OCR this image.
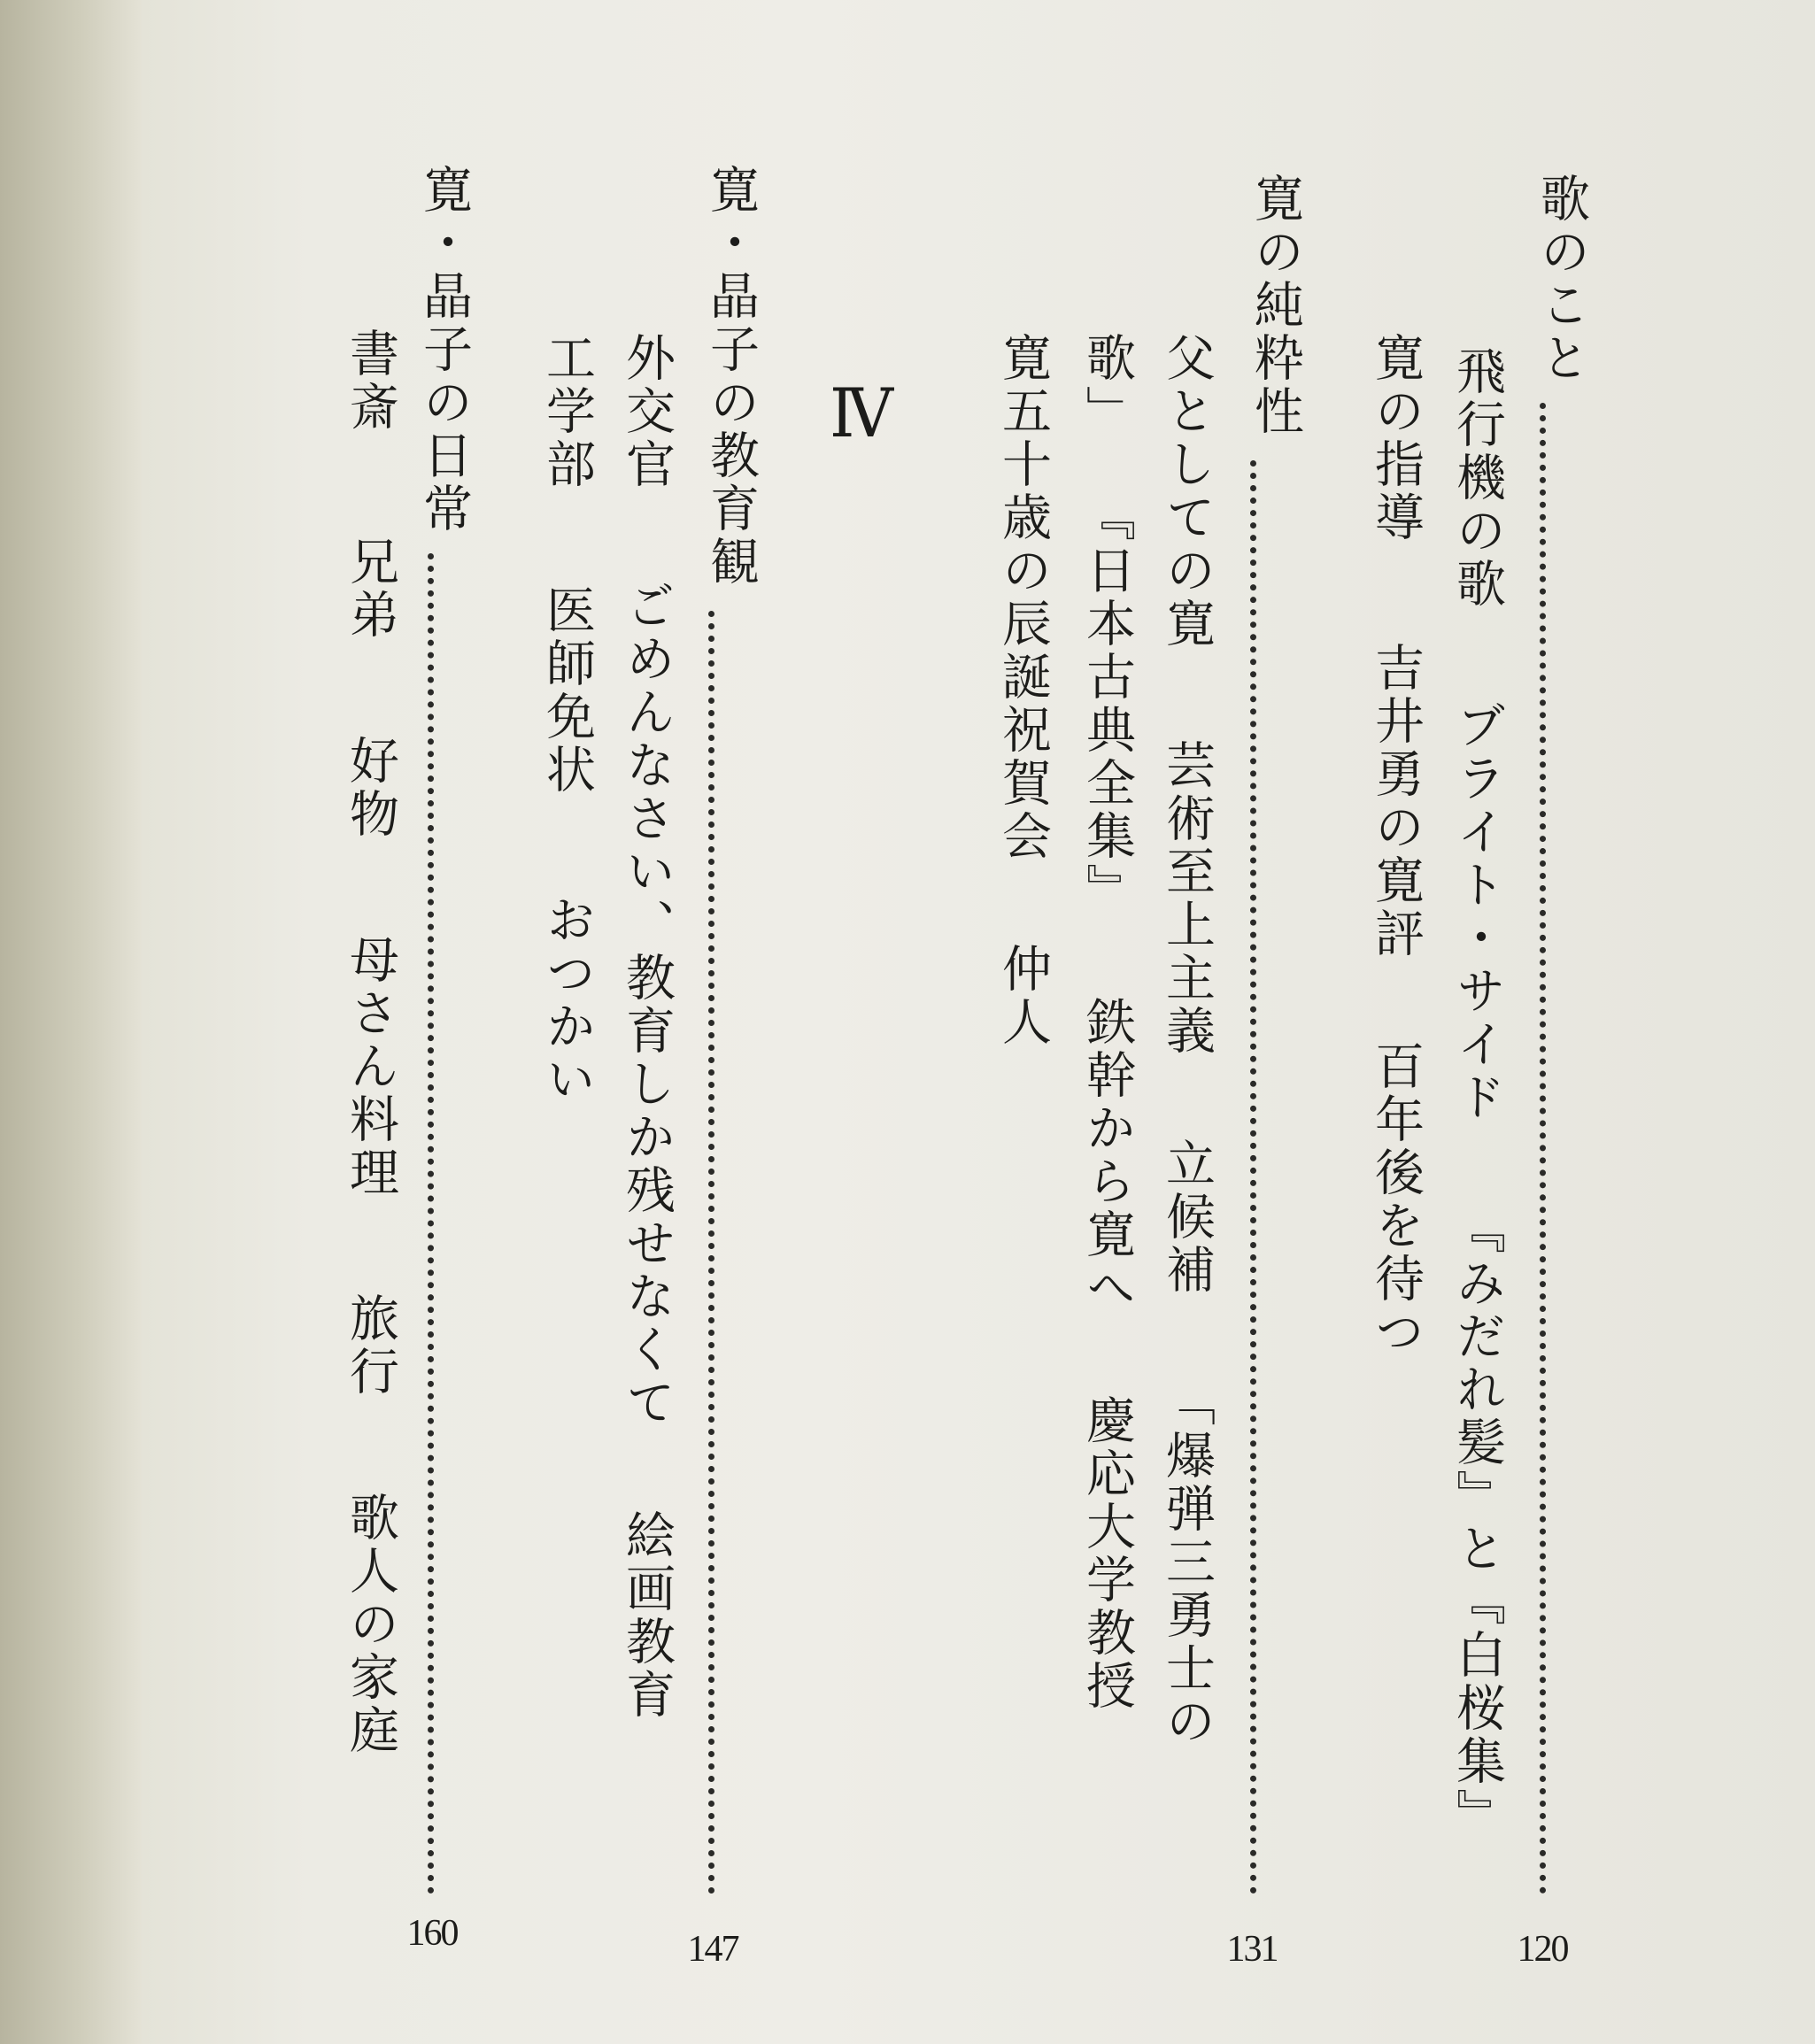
歌のこと
120
飛行機の歌ブライト・サイド『みだれ髪』と『白桜集』
寛の指導吉井勇の寛評百年後を待つ
寛の純粋性
131
父としての寛芸術至上主義立候補「爆弾三勇士の
歌」『日本古典全集』鉄幹から寛へ慶応大学教授
寛五十歳の辰誕祝賀会仲人
Ⅳ
寛・晶子の教育観
147
外交官ごめんなさい、教育しか残せなくて絵画教育
工学部医師免状おつかい
寛・晶子の日常
160
書斎兄弟好物母さん料理旅行歌人の家庭
